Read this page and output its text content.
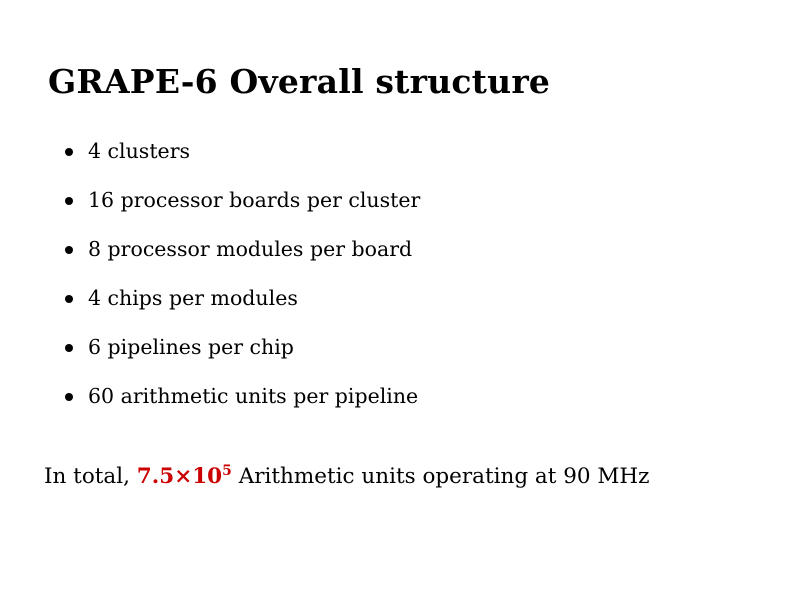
GRAPE-6 Overall structure
4 clusters
16 processor boards per cluster
8 processor modules per board
4 chips per modules
6 pipelines per chip
60 arithmetic units per pipeline
In total, $7.5\times 10^5$ Arithmetic units operating at 90 MHz
